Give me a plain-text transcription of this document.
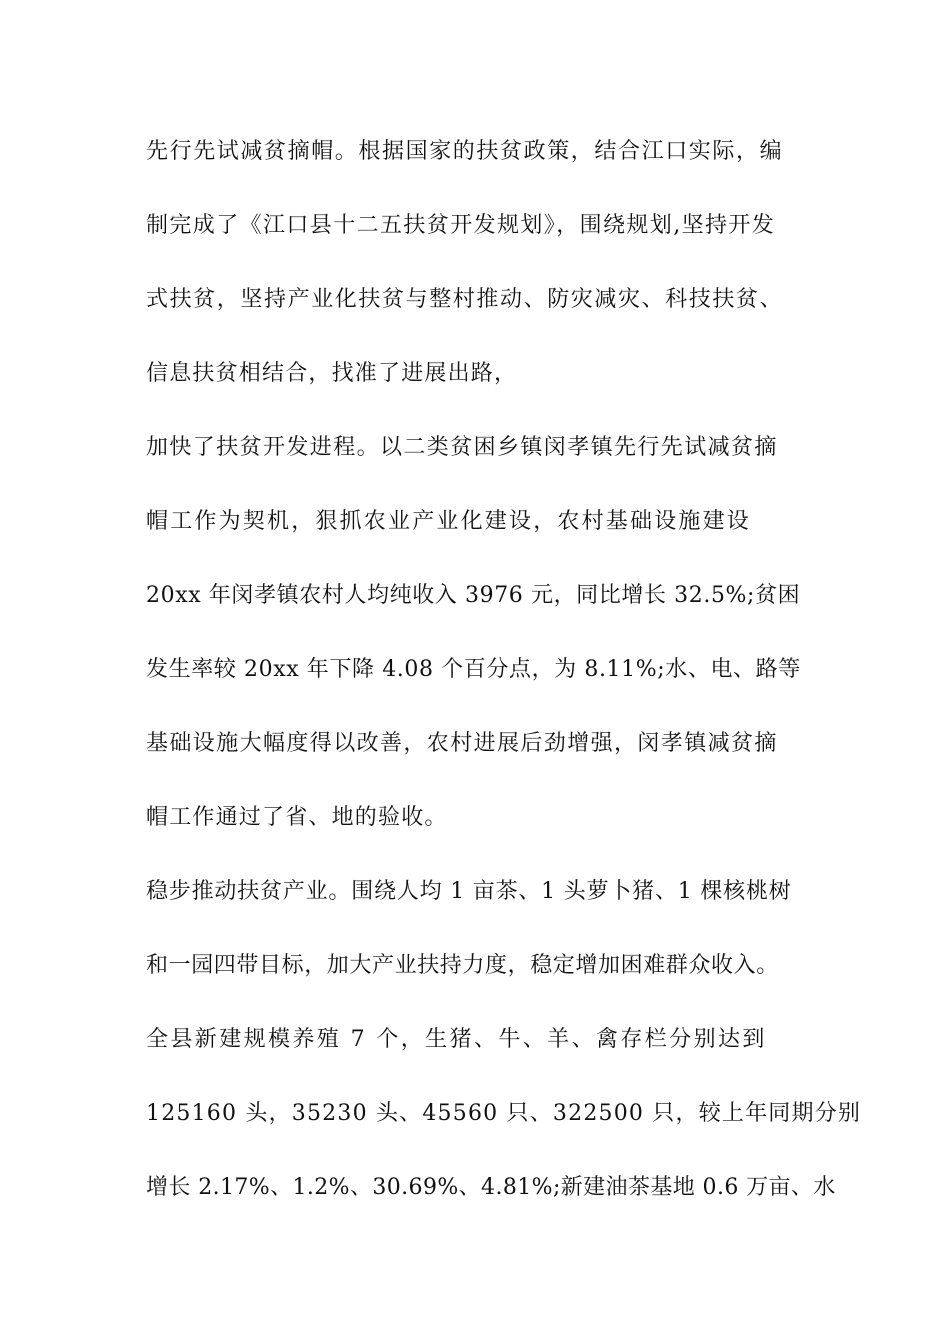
先行先试减贫摘帽。根据国家的扶贫政策，结合江口实际，编
制完成了《江口县十二五扶贫开发规划》，围绕规划,坚持开发
式扶贫，坚持产业化扶贫与整村推动、防灾减灾、科技扶贫、
信息扶贫相结合，找准了进展出路，
加快了扶贫开发进程。以二类贫困乡镇闵孝镇先行先试减贫摘
帽工作为契机，狠抓农业产业化建设，农村基础设施建设
20xx 年闵孝镇农村人均纯收入 3976 元，同比增长 32.5%;贫困
发生率较 20xx 年下降 4.08 个百分点，为 8.11%;水、电、路等
基础设施大幅度得以改善，农村进展后劲增强，闵孝镇减贫摘
帽工作通过了省、地的验收。
稳步推动扶贫产业。围绕人均 1 亩茶、1 头萝卜猪、1 棵核桃树
和一园四带目标，加大产业扶持力度，稳定增加困难群众收入。
全县新建规模养殖 7 个，生猪、牛、羊、禽存栏分别达到
125160 头，35230 头、45560 只、322500 只，较上年同期分别
增长 2.17%、1.2%、30.69%、4.81%;新建油茶基地 0.6 万亩、水
